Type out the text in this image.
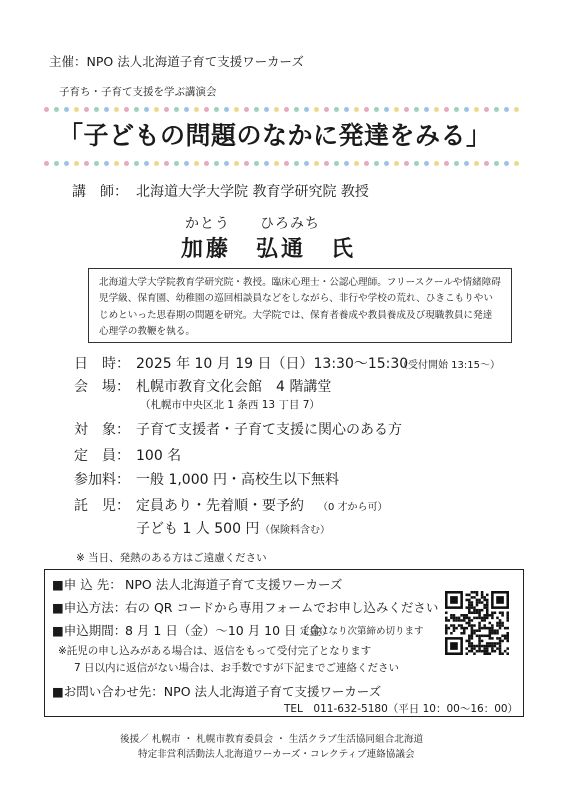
主催：NPO 法人北海道子育て支援ワーカーズ
子育ち・子育て支援を学ぶ講演会
「子どもの問題のなかに発達をみる」
講　師： 北海道大学大学院 教育学研究院 教授
かとう　　ひろみち
加藤　弘通　氏
北海道大学大学院教育学研究院・教授。臨床心理士・公認心理師。フリースクールや情緒障碍児学級、保育園、幼稚園の巡回相談員などをしながら、非行や学校の荒れ、ひきこもりやいじめといった思春期の問題を研究。大学院では、保育者養成や教員養成及び現職教員に発達心理学の教鞭を執る。
日　時： 2025 年 10 月 19 日（日）13:30〜15:30
（受付開始 13:15〜）
会　場： 札幌市教育文化会館　4 階講堂
（札幌市中央区北 1 条西 13 丁目 7）
対　象： 子育て支援者・子育て支援に関心のある方
定　員： 100 名
参加料： 一般 1,000 円・高校生以下無料
託　児： 定員あり・先着順・要予約 （0 才から可）
子ども 1 人 500 円 （保険料含む）
※ 当日、発熱のある方はご遠慮ください
■申 込 先： NPO 法人北海道子育て支援ワーカーズ
■申込方法：
右の QR コードから専用フォームでお申し込みください
■申込期間：
8 月 1 日（金）〜10 月 10 日（金）
定員になり次第締め切ります
※託児の申し込みがある場合は、返信をもって受付完了となります
7 日以内に返信がない場合は、お手数ですが下記までご連絡ください
■お問い合わせ先：NPO 法人北海道子育て支援ワーカーズ
TEL　011-632-5180（平日 10：00〜16：00）
後援／ 札幌市 ・ 札幌市教育委員会 ・ 生活クラブ生活協同組合北海道
特定非営利活動法人北海道ワーカーズ・コレクティブ連絡協議会
